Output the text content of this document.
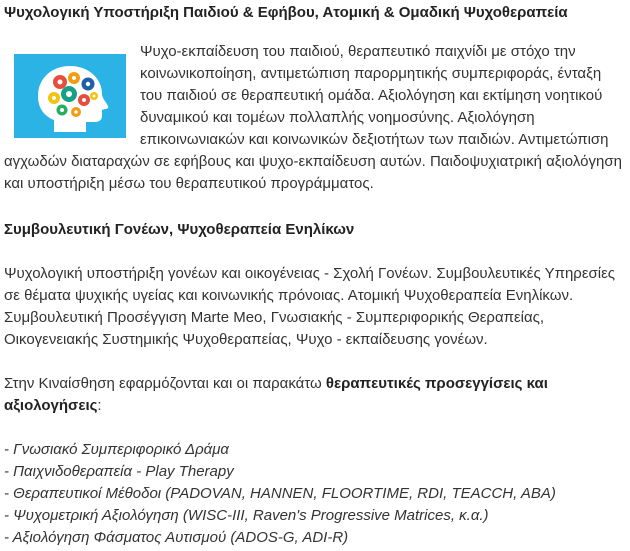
Ψυχολογική Υποστήριξη Παιδιού & Εφήβου, Ατομική & Ομαδική Ψυχοθεραπεία

Ψυχο-εκπαίδευση του παιδιού, θεραπευτικό παιχνίδι με στόχο την κοινωνικοποίηση, αντιμετώπιση παρορμητικής συμπεριφοράς, ένταξη του παιδιού σε θεραπευτική ομάδα. Αξιολόγηση και εκτίμηση νοητικού δυναμικού και τομέων πολλαπλής νοημοσύνης. Αξιολόγηση επικοινωνιακών και κοινωνικών δεξιοτήτων των παιδιών. Αντιμετώπιση αγχωδών διαταραχών σε εφήβους και ψυχο-εκπαίδευση αυτών. Παιδοψυχιατρική αξιολόγηση και υποστήριξη μέσω του θεραπευτικού προγράμματος.

Συμβουλευτική Γονέων, Ψυχοθεραπεία Ενηλίκων

Ψυχολογική υποστήριξη γονέων και οικογένειας - Σχολή Γονέων. Συμβουλευτικές Υπηρεσίες σε θέματα ψυχικής υγείας και κοινωνικής πρόνοιας. Ατομική Ψυχοθεραπεία Ενηλίκων. Συμβουλευτική Προσέγγιση Marte Meo, Γνωσιακής - Συμπεριφορικής Θεραπείας, Οικογενειακής Συστημικής Ψυχοθεραπείας, Ψυχο - εκπαίδευσης γονέων.

Στην Κιναίσθηση εφαρμόζονται και οι παρακάτω θεραπευτικές προσεγγίσεις και αξιολογήσεις:

- Γνωσιακό Συμπεριφορικό Δράμα
- Παιχνιδοθεραπεία - Play Therapy
- Θεραπευτικοί Μέθοδοι (PADOVAN, HANNEN, FLOORTIME, RDI, TEACCH, ABA)
- Ψυχομετρική Αξιολόγηση (WISC-III, Raven's Progressive Matrices, κ.α.)
- Αξιολόγηση Φάσματος Αυτισμού (ADOS-G, ADI-R)
